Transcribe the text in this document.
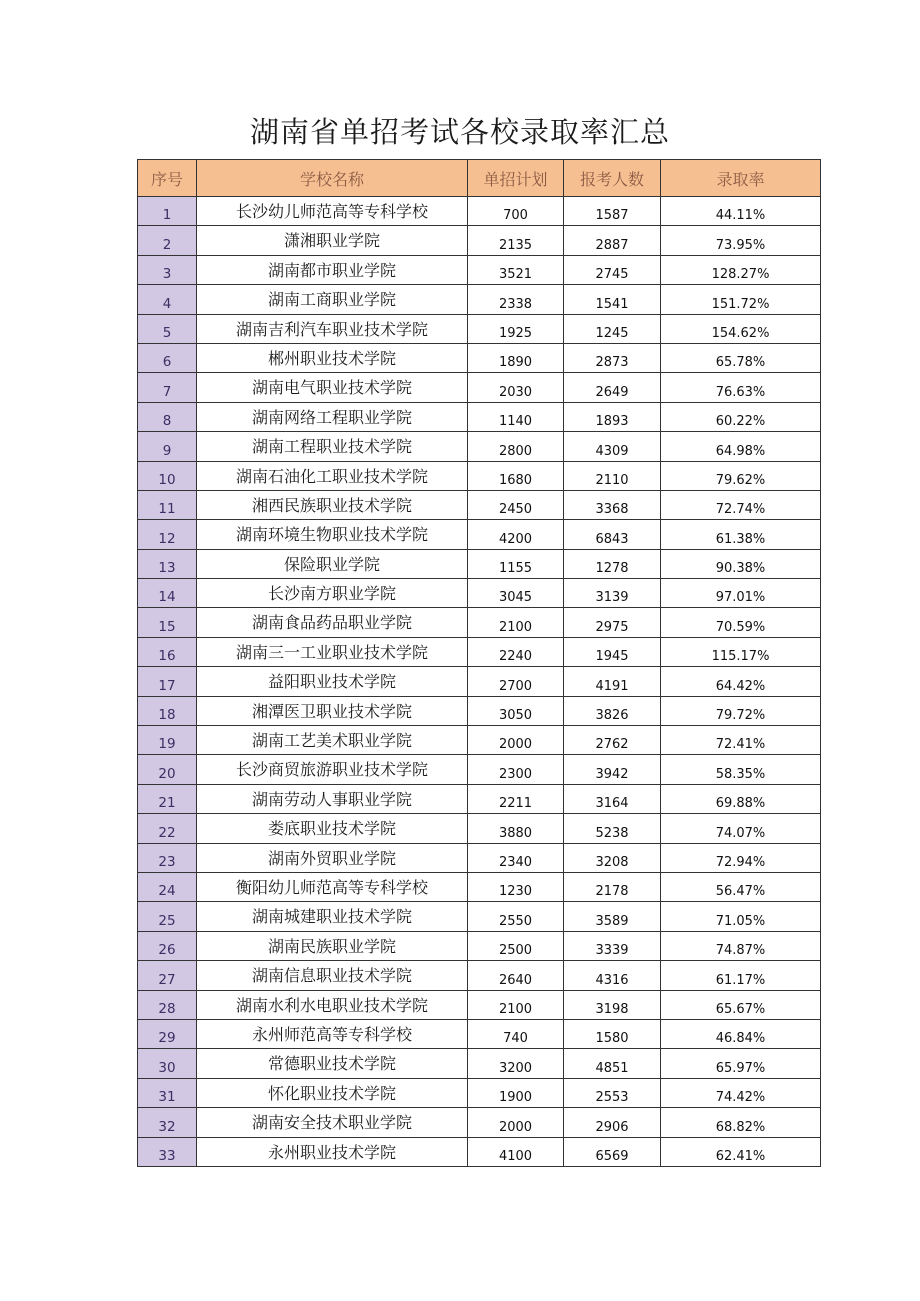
湖南省单招考试各校录取率汇总
序号	学校名称	单招计划	报考人数	录取率
1	长沙幼儿师范高等专科学校	700	1587	44.11%
2	潇湘职业学院	2135	2887	73.95%
3	湖南都市职业学院	3521	2745	128.27%
4	湖南工商职业学院	2338	1541	151.72%
5	湖南吉利汽车职业技术学院	1925	1245	154.62%
6	郴州职业技术学院	1890	2873	65.78%
7	湖南电气职业技术学院	2030	2649	76.63%
8	湖南网络工程职业学院	1140	1893	60.22%
9	湖南工程职业技术学院	2800	4309	64.98%
10	湖南石油化工职业技术学院	1680	2110	79.62%
11	湘西民族职业技术学院	2450	3368	72.74%
12	湖南环境生物职业技术学院	4200	6843	61.38%
13	保险职业学院	1155	1278	90.38%
14	长沙南方职业学院	3045	3139	97.01%
15	湖南食品药品职业学院	2100	2975	70.59%
16	湖南三一工业职业技术学院	2240	1945	115.17%
17	益阳职业技术学院	2700	4191	64.42%
18	湘潭医卫职业技术学院	3050	3826	79.72%
19	湖南工艺美术职业学院	2000	2762	72.41%
20	长沙商贸旅游职业技术学院	2300	3942	58.35%
21	湖南劳动人事职业学院	2211	3164	69.88%
22	娄底职业技术学院	3880	5238	74.07%
23	湖南外贸职业学院	2340	3208	72.94%
24	衡阳幼儿师范高等专科学校	1230	2178	56.47%
25	湖南城建职业技术学院	2550	3589	71.05%
26	湖南民族职业学院	2500	3339	74.87%
27	湖南信息职业技术学院	2640	4316	61.17%
28	湖南水利水电职业技术学院	2100	3198	65.67%
29	永州师范高等专科学校	740	1580	46.84%
30	常德职业技术学院	3200	4851	65.97%
31	怀化职业技术学院	1900	2553	74.42%
32	湖南安全技术职业学院	2000	2906	68.82%
33	永州职业技术学院	4100	6569	62.41%
